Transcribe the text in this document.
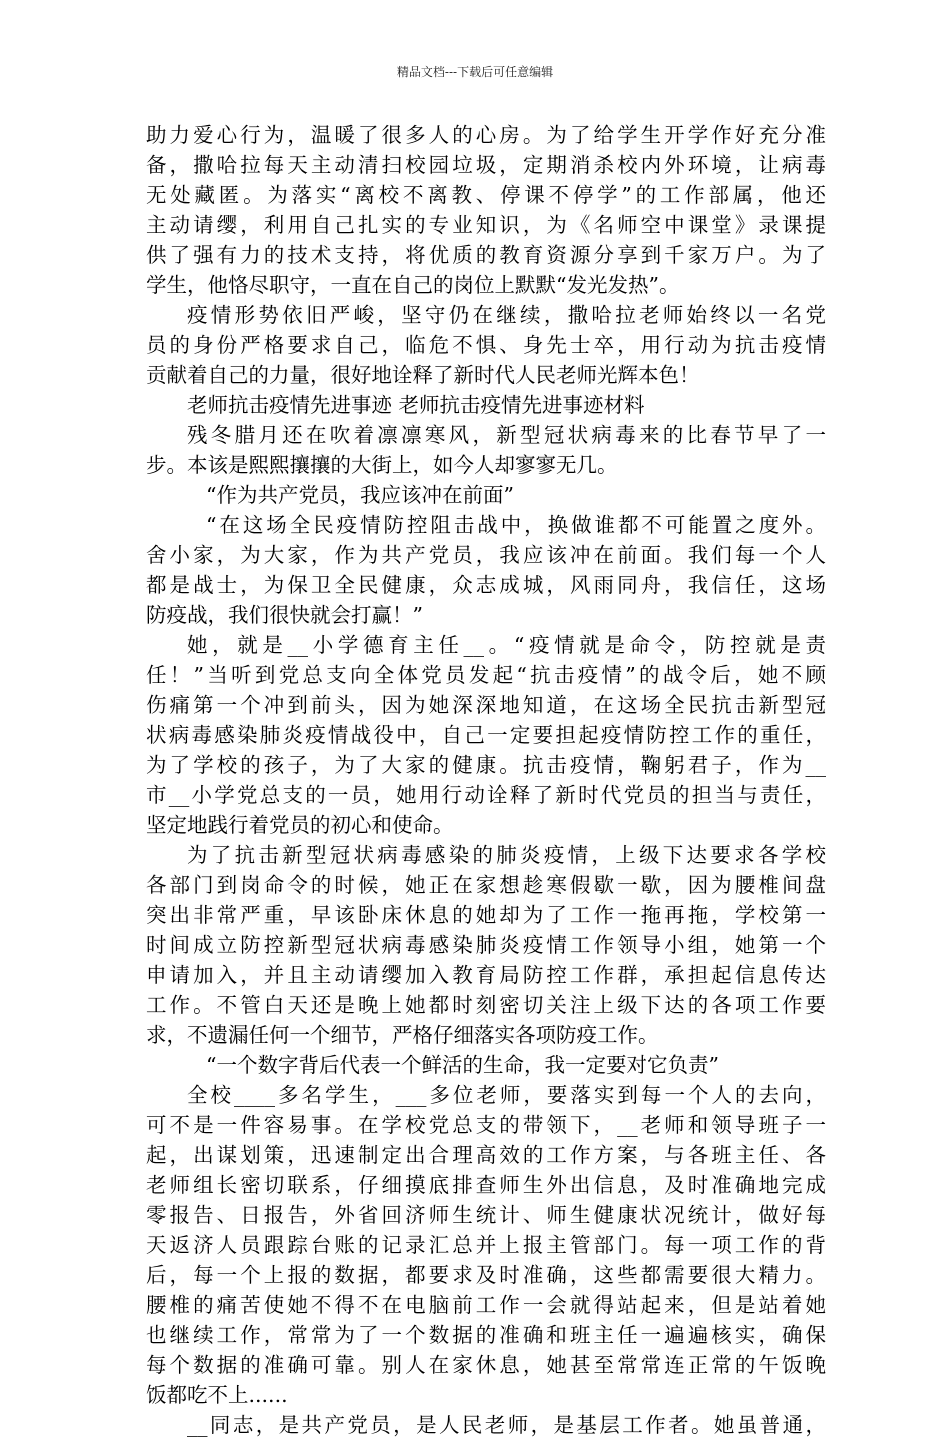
精品文档---下载后可任意编辑
助力爱心行为，温暖了很多人的心房。为了给学生开学作好充分准
备，撒哈拉每天主动清扫校园垃圾，定期消杀校内外环境，让病毒
无处藏匿。为落实“离校不离教、停课不停学”的工作部属，他还
主动请缨，利用自己扎实的专业知识，为《名师空中课堂》录课提
供了强有力的技术支持，将优质的教育资源分享到千家万户。为了
学生，他恪尽职守，一直在自己的岗位上默默“发光发热”。
疫情形势依旧严峻，坚守仍在继续，撒哈拉老师始终以一名党
员的身份严格要求自己，临危不惧、身先士卒，用行动为抗击疫情
贡献着自己的力量，很好地诠释了新时代人民老师光辉本色！
老师抗击疫情先进事迹 老师抗击疫情先进事迹材料
残冬腊月还在吹着凛凛寒风，新型冠状病毒来的比春节早了一
步。本该是熙熙攘攘的大街上，如今人却寥寥无几。
“作为共产党员，我应该冲在前面”
“在这场全民疫情防控阻击战中，换做谁都不可能置之度外。
舍小家，为大家，作为共产党员，我应该冲在前面。我们每一个人
都是战士，为保卫全民健康，众志成城，风雨同舟，我信任，这场
防疫战，我们很快就会打赢！”
她，就是__小学德育主任__。“疫情就是命令，防控就是责
任！”当听到党总支向全体党员发起“抗击疫情”的战令后，她不顾
伤痛第一个冲到前头，因为她深深地知道，在这场全民抗击新型冠
状病毒感染肺炎疫情战役中，自己一定要担起疫情防控工作的重任，
为了学校的孩子，为了大家的健康。抗击疫情，鞠躬君子，作为__
市__小学党总支的一员，她用行动诠释了新时代党员的担当与责任，
坚定地践行着党员的初心和使命。
为了抗击新型冠状病毒感染的肺炎疫情，上级下达要求各学校
各部门到岗命令的时候，她正在家想趁寒假歇一歇，因为腰椎间盘
突出非常严重，早该卧床休息的她却为了工作一拖再拖，学校第一
时间成立防控新型冠状病毒感染肺炎疫情工作领导小组，她第一个
申请加入，并且主动请缨加入教育局防控工作群，承担起信息传达
工作。不管白天还是晚上她都时刻密切关注上级下达的各项工作要
求，不遗漏任何一个细节，严格仔细落实各项防疫工作。
“一个数字背后代表一个鲜活的生命，我一定要对它负责”
全校____多名学生，___多位老师，要落实到每一个人的去向，
可不是一件容易事。在学校党总支的带领下，__老师和领导班子一
起，出谋划策，迅速制定出合理高效的工作方案，与各班主任、各
老师组长密切联系，仔细摸底排查师生外出信息，及时准确地完成
零报告、日报告，外省回济师生统计、师生健康状况统计，做好每
天返济人员跟踪台账的记录汇总并上报主管部门。每一项工作的背
后，每一个上报的数据，都要求及时准确，这些都需要很大精力。
腰椎的痛苦使她不得不在电脑前工作一会就得站起来，但是站着她
也继续工作，常常为了一个数据的准确和班主任一遍遍核实，确保
每个数据的准确可靠。别人在家休息，她甚至常常连正常的午饭晚
饭都吃不上......
__同志，是共产党员，是人民老师，是基层工作者。她虽普通，
